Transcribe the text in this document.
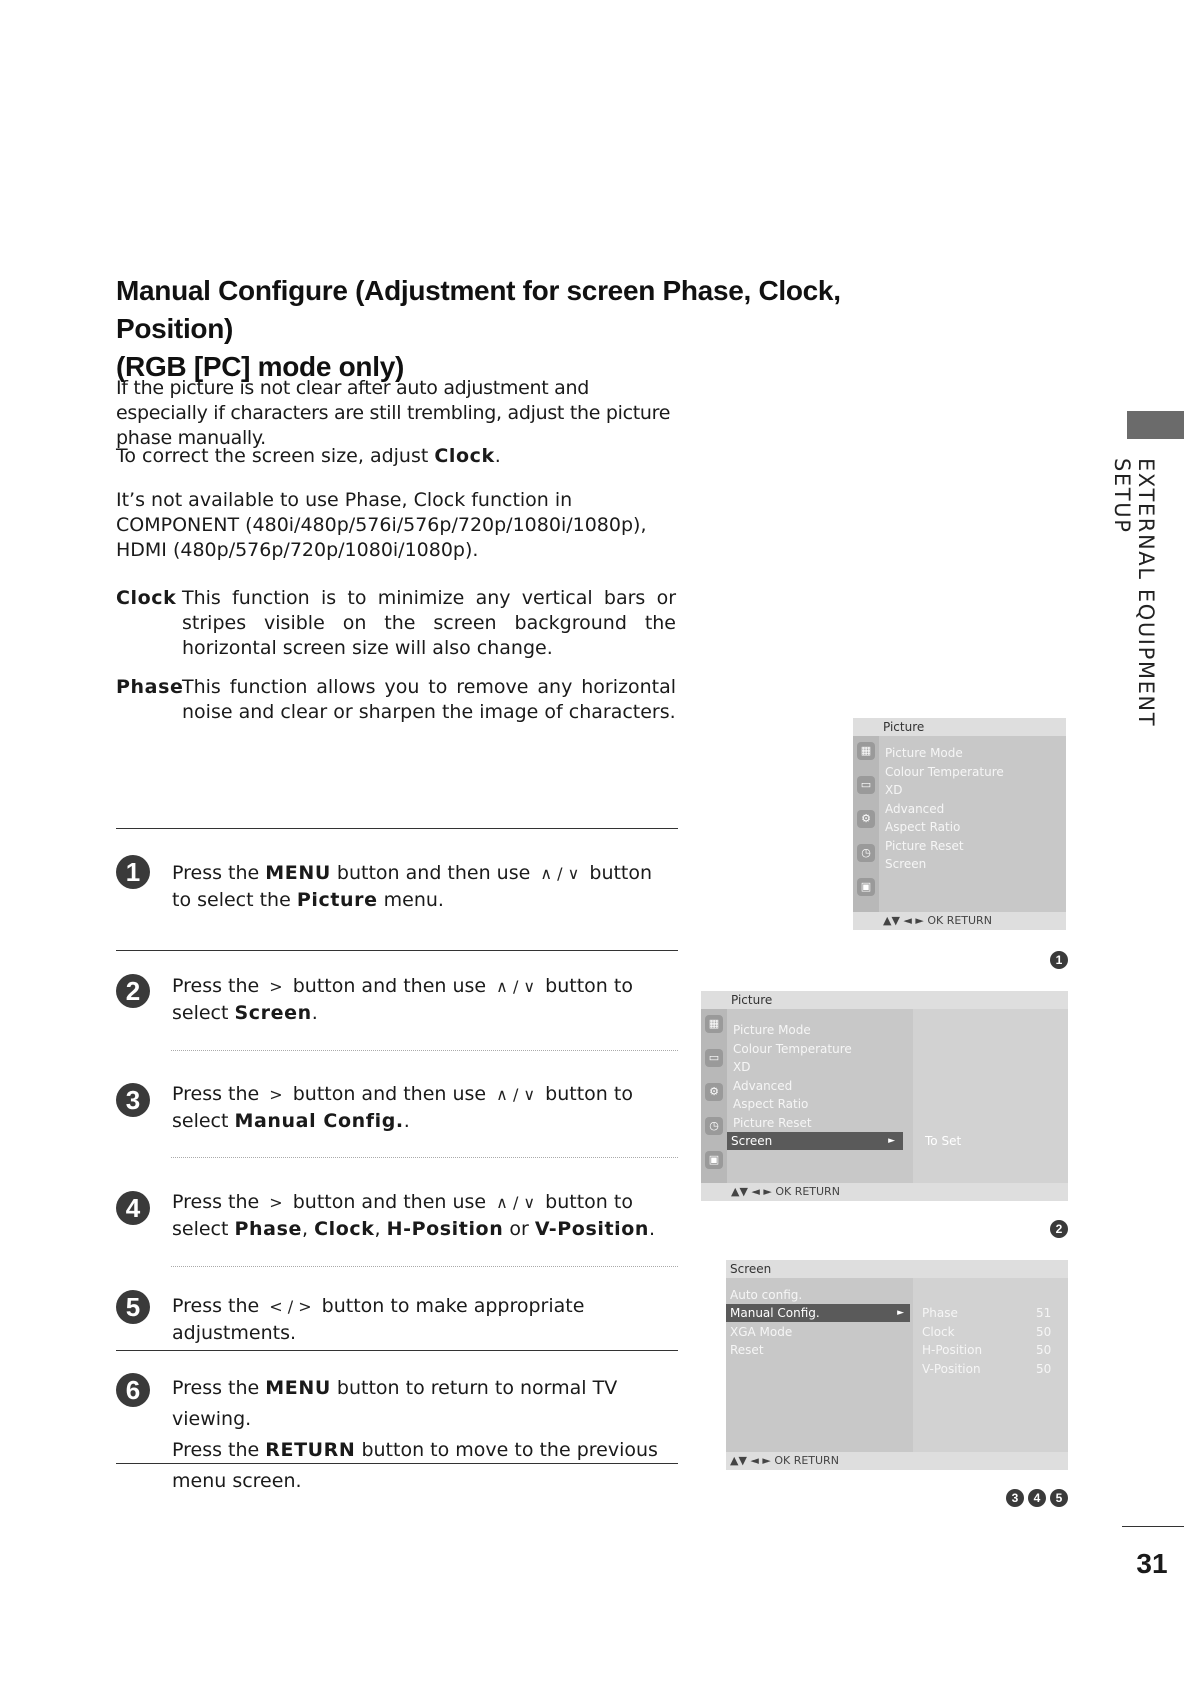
Manual Configure (Adjustment for screen Phase, Clock, Position)
(RGB [PC] mode only)

If the picture is not clear after auto adjustment and especially if characters are still trembling, adjust the picture phase manually.

To correct the screen size, adjust Clock.

It’s not available to use Phase, Clock function in COMPONENT (480i/480p/576i/576p/720p/1080i/1080p), HDMI (480p/576p/720p/1080i/1080p).

Clock This function is to minimize any vertical bars or stripes visible on the screen background the horizontal screen size will also change.
Phase
This function allows you to remove any horizontal noise and clear or sharpen the image of characters.
1	Press the MENU button and then use ∧ / ∨ button to select the Picture menu.
2	Press the > button and then use ∧ / ∨ button to select Screen.
3	Press the > button and then use ∧ / ∨ button to select Manual Config..
4	Press the > button and then use ∧ / ∨ button to select Phase, Clock, H-Position or V-Position.
5	Press the < / > button to make appropriate adjustments.
6	Press the MENU button to return to normal TV viewing.
Press the RETURN button to move to the previous menu screen.
EXTERNAL EQUIPMENT SETUP
Picture
▦
▭
⚙
◷
▣
Picture Mode
Colour Temperature
XD
Advanced
Aspect Ratio
Picture Reset
Screen
▲▼ ◄ ► OK RETURN
1
Picture
▦
▭
⚙
◷
▣
Picture Mode
Colour Temperature
XD
Advanced
Aspect Ratio
Picture Reset
Screen	►	To Set
▲▼ ◄ ► OK RETURN
2
Screen
Auto config.
Manual Config.	►
XGA Mode
Reset
Phase	51
Clock	50
H-Position	50
V-Position	50
▲▼ ◄ ► OK RETURN
3	4	5
31
